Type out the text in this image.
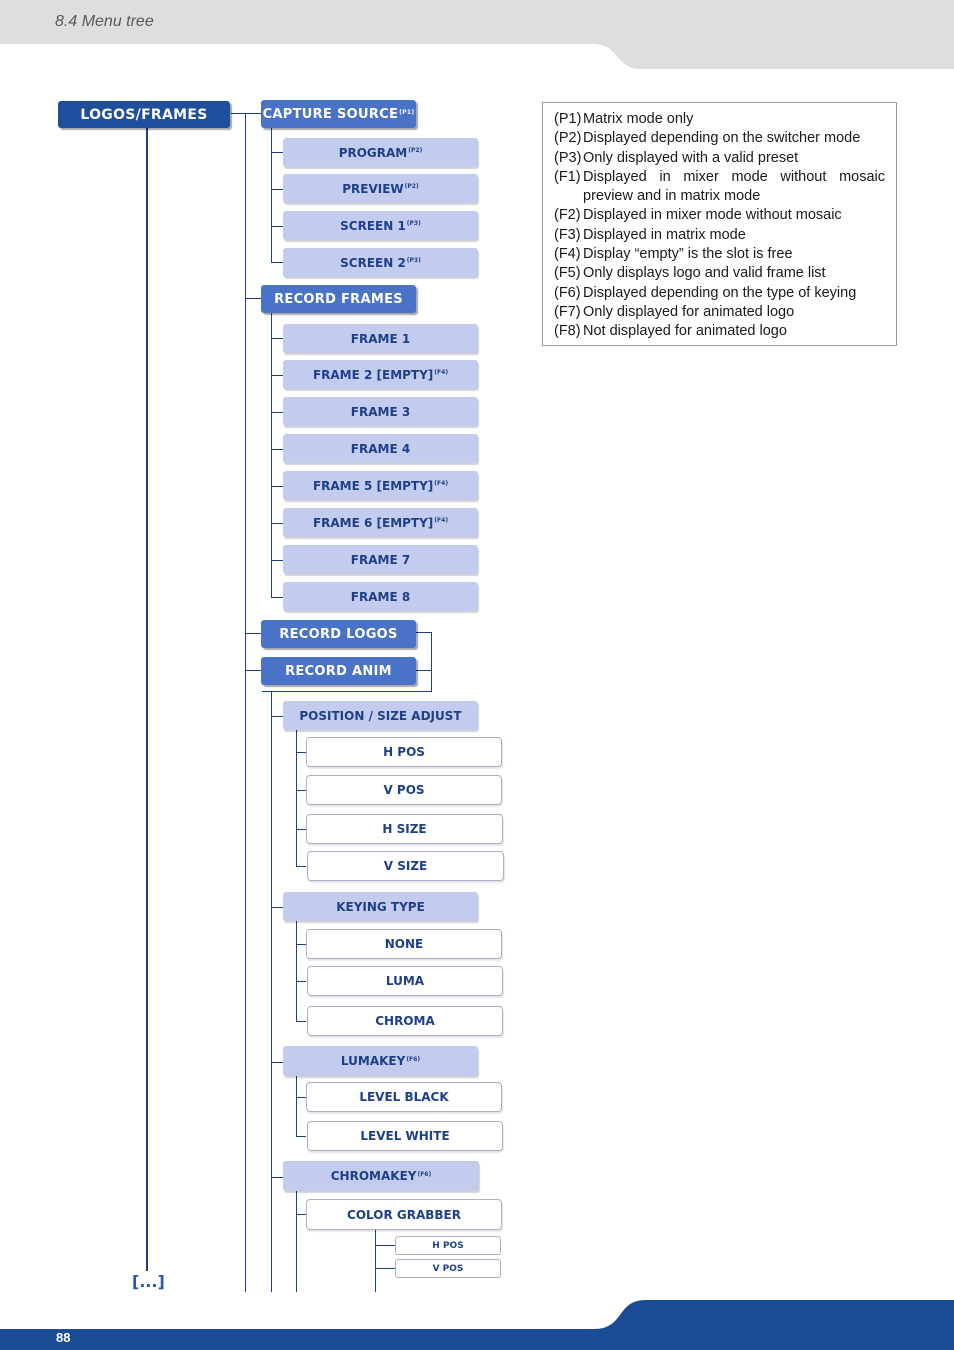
8.4 Menu tree
88
LOGOS/FRAMES	CAPTURE $SOURCE^{(P1)}$
RECORD FRAMES
RECORD LOGOS
RECORD ANIM
$PROGRAM^{(P2)}$
$PREVIEW^{(P2)}$
SCREEN $1^{(P3)}$
SCREEN $2^{(P3)}$
FRAME 1
FRAME 2 [EMPTY]$^{(F4)}$
FRAME 3
FRAME 4
FRAME 5 [EMPTY]$^{(F4)}$
FRAME 6 [EMPTY]$^{(F4)}$
FRAME 7
FRAME 8
POSITION / SIZE ADJUST
H POS
V POS
H SIZE
V SIZE
KEYING TYPE
NONE
LUMA
CHROMA
$LUMAKEY^{(F6)}$
LEVEL BLACK
LEVEL WHITE
$CHROMAKEY^{(F6)}$
COLOR GRABBER
H POS
V POS
[...]
(P1) Matrix mode only
(P2) Displayed depending on the switcher mode
(P3) Only displayed with a valid preset
(F1) Displayed in mixer mode without mosaic preview and in matrix mode
(F2) Displayed in mixer mode without mosaic
(F3) Displayed in matrix mode
(F4) Display “empty” is the slot is free
(F5) Only displays logo and valid frame list
(F6) Displayed depending on the type of keying
(F7) Only displayed for animated logo
(F8) Not displayed for animated logo
